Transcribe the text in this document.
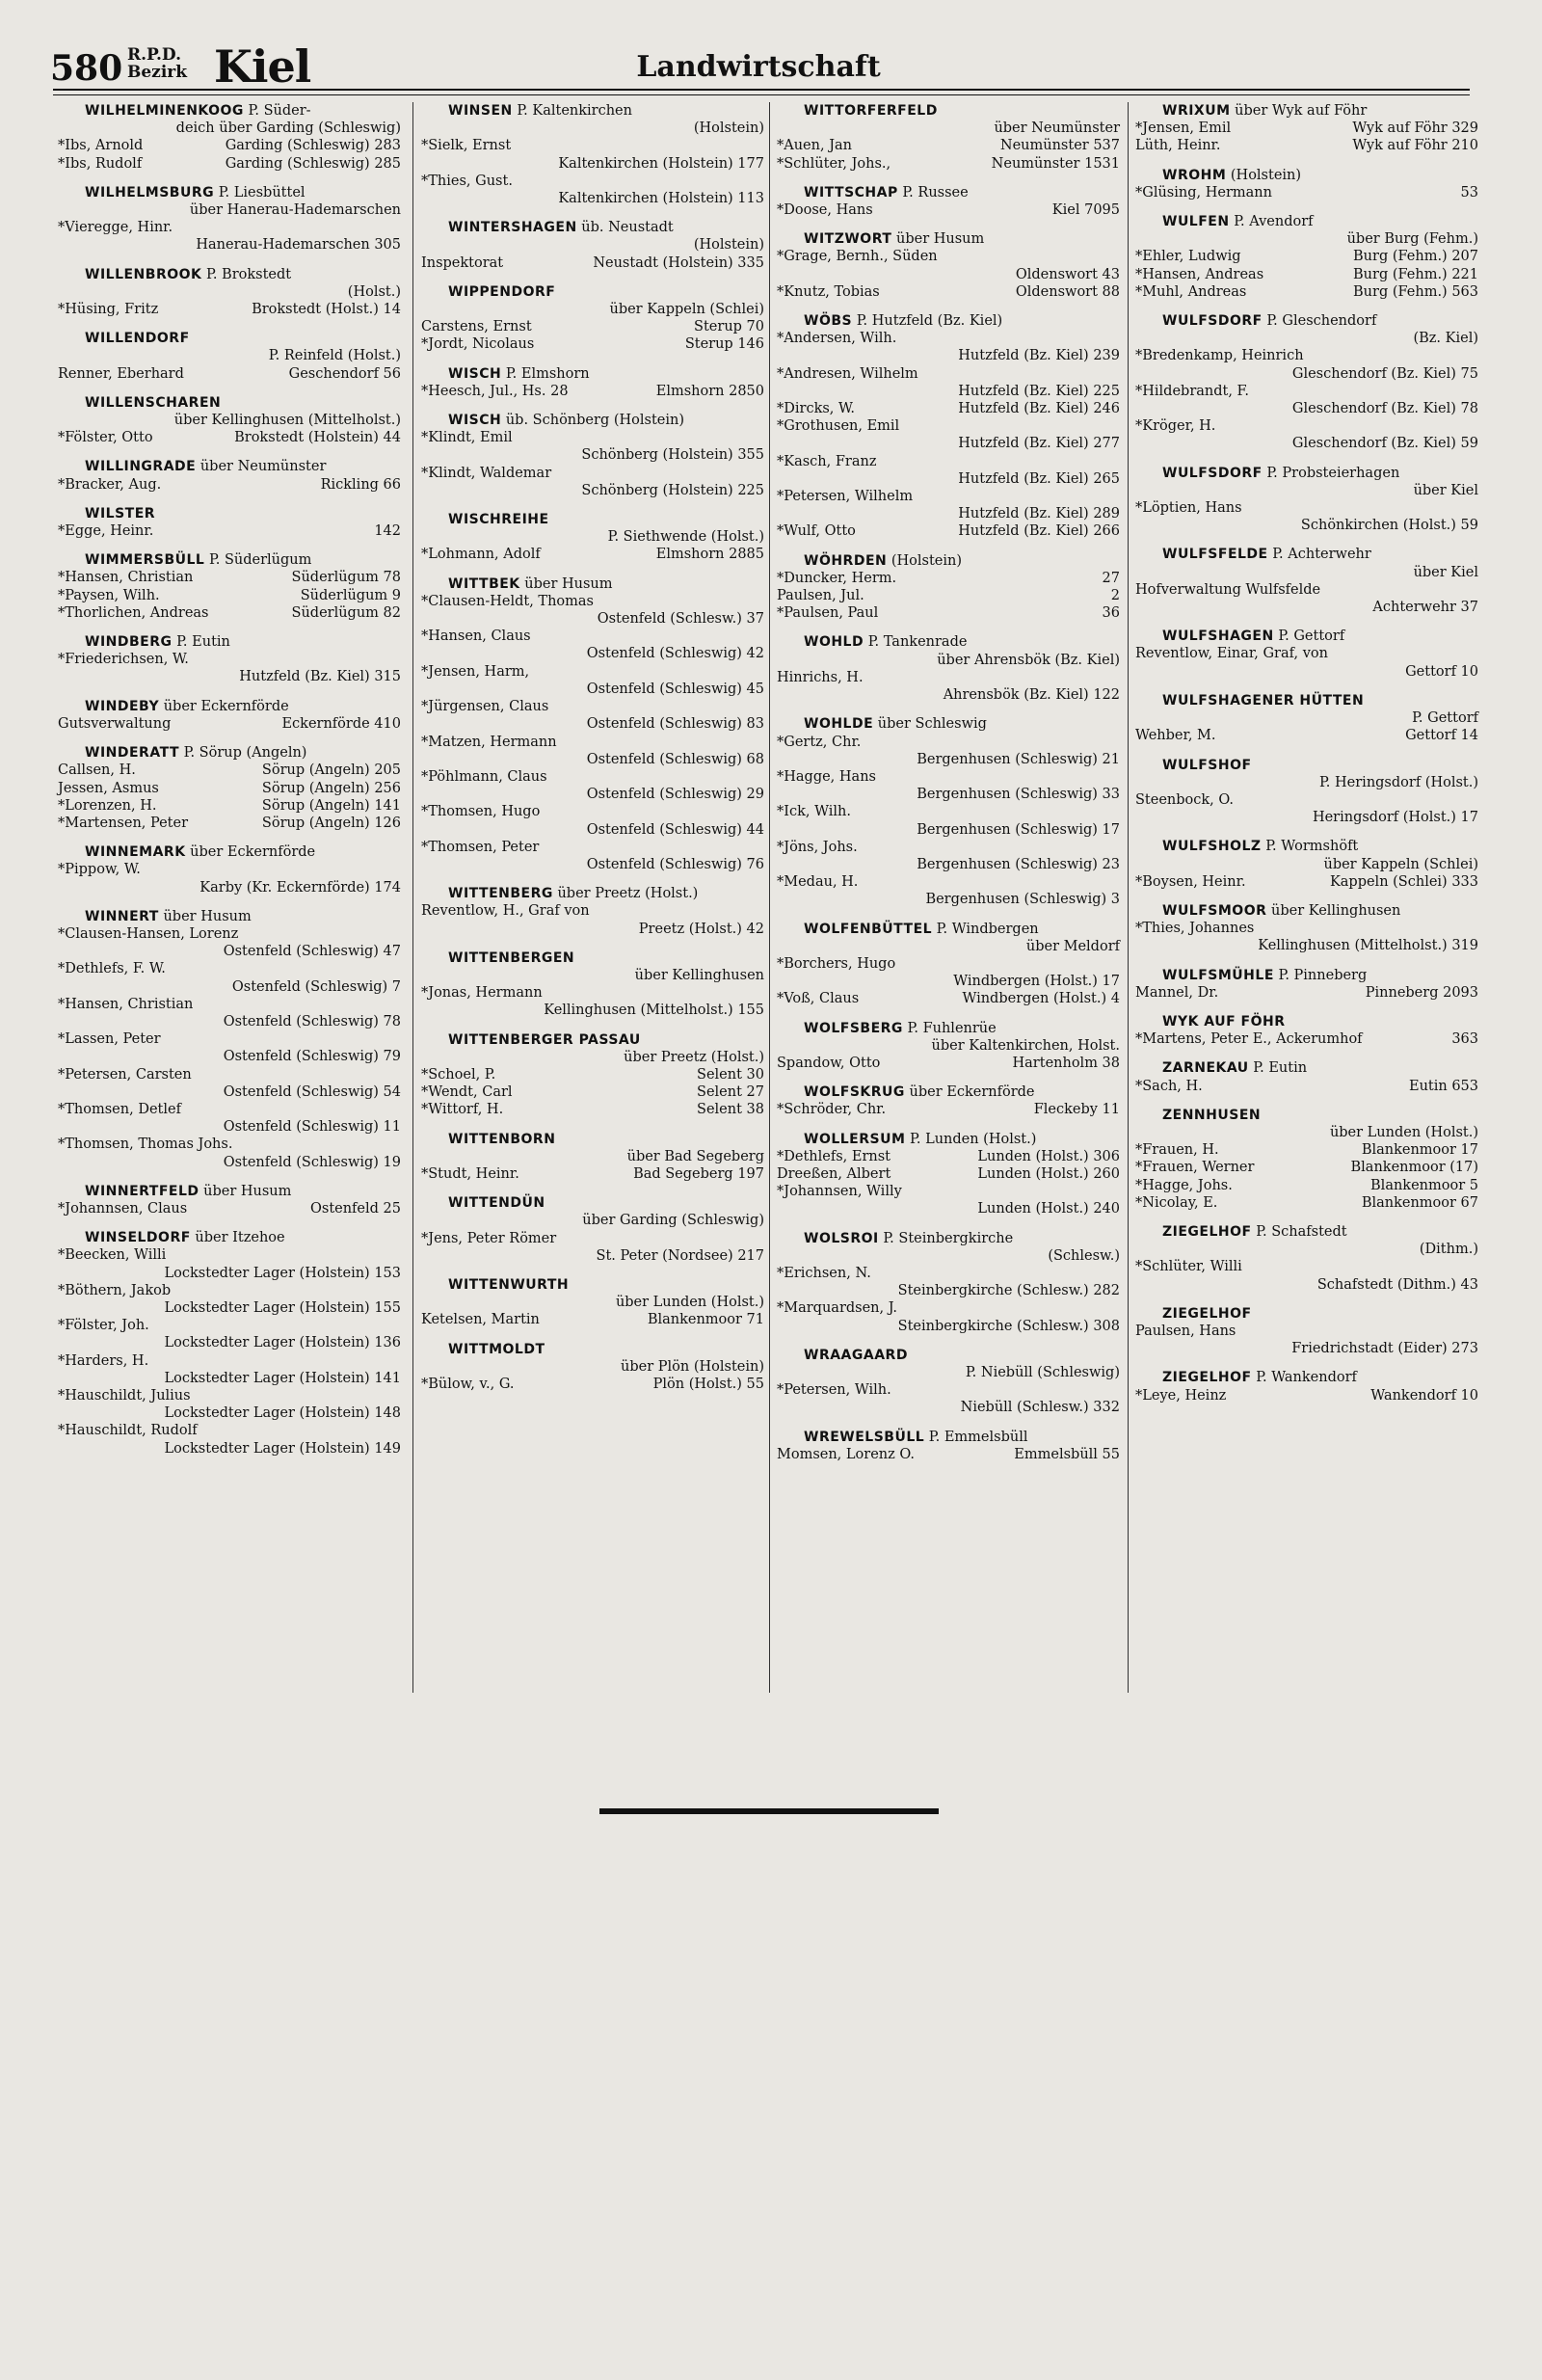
580 R.P.D.
Bezirk Kiel	Landwirtschaft
WILHELMINENKOOG P. Süder-
deich über Garding (Schleswig)
*Ibs, Arnold	Garding (Schleswig) 283
*Ibs, Rudolf	Garding (Schleswig) 285
WILHELMSBURG P. Liesbüttel
über Hanerau-Hademarschen
*Vieregge, Hinr.
Hanerau-Hademarschen 305
WILLENBROOK P. Brokstedt
(Holst.)
*Hüsing, Fritz	Brokstedt (Holst.) 14
WILLENDORF
P. Reinfeld (Holst.)
Renner, Eberhard	Geschendorf 56
WILLENSCHAREN
über Kellinghusen (Mittelholst.)
*Fölster, Otto	Brokstedt (Holstein) 44
WILLINGRADE über Neumünster
*Bracker, Aug.	Rickling 66
WILSTER
*Egge, Heinr.	142
WIMMERSBÜLL P. Süderlügum
*Hansen, Christian	Süderlügum 78
*Paysen, Wilh.	Süderlügum 9
*Thorlichen, Andreas	Süderlügum 82
WINDBERG P. Eutin
*Friederichsen, W.
Hutzfeld (Bz. Kiel) 315
WINDEBY über Eckernförde
Gutsverwaltung	Eckernförde 410
WINDERATT P. Sörup (Angeln)
Callsen, H.	Sörup (Angeln) 205
Jessen, Asmus	Sörup (Angeln) 256
*Lorenzen, H.	Sörup (Angeln) 141
*Martensen, Peter	Sörup (Angeln) 126
WINNEMARK über Eckernförde
*Pippow, W.
Karby (Kr. Eckernförde) 174
WINNERT über Husum
*Clausen-Hansen, Lorenz
Ostenfeld (Schleswig) 47
*Dethlefs, F. W.
Ostenfeld (Schleswig) 7
*Hansen, Christian
Ostenfeld (Schleswig) 78
*Lassen, Peter
Ostenfeld (Schleswig) 79
*Petersen, Carsten
Ostenfeld (Schleswig) 54
*Thomsen, Detlef
Ostenfeld (Schleswig) 11
*Thomsen, Thomas Johs.
Ostenfeld (Schleswig) 19
WINNERTFELD über Husum
*Johannsen, Claus	Ostenfeld 25
WINSELDORF über Itzehoe
*Beecken, Willi
Lockstedter Lager (Holstein) 153
*Böthern, Jakob
Lockstedter Lager (Holstein) 155
*Fölster, Joh.
Lockstedter Lager (Holstein) 136
*Harders, H.
Lockstedter Lager (Holstein) 141
*Hauschildt, Julius
Lockstedter Lager (Holstein) 148
*Hauschildt, Rudolf
Lockstedter Lager (Holstein) 149
WINSEN P. Kaltenkirchen
(Holstein)
*Sielk, Ernst
Kaltenkirchen (Holstein) 177
*Thies, Gust.
Kaltenkirchen (Holstein) 113
WINTERSHAGEN üb. Neustadt
(Holstein)
Inspektorat	Neustadt (Holstein) 335
WIPPENDORF
über Kappeln (Schlei)
Carstens, Ernst	Sterup 70
*Jordt, Nicolaus	Sterup 146
WISCH P. Elmshorn
*Heesch, Jul., Hs. 28	Elmshorn 2850
WISCH üb. Schönberg (Holstein)
*Klindt, Emil
Schönberg (Holstein) 355
*Klindt, Waldemar
Schönberg (Holstein) 225
WISCHREIHE
P. Siethwende (Holst.)
*Lohmann, Adolf	Elmshorn 2885
WITTBEK über Husum
*Clausen-Heldt, Thomas
Ostenfeld (Schlesw.) 37
*Hansen, Claus
Ostenfeld (Schleswig) 42
*Jensen, Harm,
Ostenfeld (Schleswig) 45
*Jürgensen, Claus
Ostenfeld (Schleswig) 83
*Matzen, Hermann
Ostenfeld (Schleswig) 68
*Pöhlmann, Claus
Ostenfeld (Schleswig) 29
*Thomsen, Hugo
Ostenfeld (Schleswig) 44
*Thomsen, Peter
Ostenfeld (Schleswig) 76
WITTENBERG über Preetz (Holst.)
Reventlow, H., Graf von
Preetz (Holst.) 42
WITTENBERGEN
über Kellinghusen
*Jonas, Hermann
Kellinghusen (Mittelholst.) 155
WITTENBERGER PASSAU
über Preetz (Holst.)
*Schoel, P.	Selent 30
*Wendt, Carl	Selent 27
*Wittorf, H.	Selent 38
WITTENBORN
über Bad Segeberg
*Studt, Heinr.	Bad Segeberg 197
WITTENDÜN
über Garding (Schleswig)
*Jens, Peter Römer
St. Peter (Nordsee) 217
WITTENWURTH
über Lunden (Holst.)
Ketelsen, Martin	Blankenmoor 71
WITTMOLDT
über Plön (Holstein)
*Bülow, v., G.	Plön (Holst.) 55
WITTORFERFELD
über Neumünster
*Auen, Jan	Neumünster 537
*Schlüter, Johs.,	Neumünster 1531
WITTSCHAP P. Russee
*Doose, Hans	Kiel 7095
WITZWORT über Husum
*Grage, Bernh., Süden
Oldenswort 43
*Knutz, Tobias	Oldenswort 88
WÖBS P. Hutzfeld (Bz. Kiel)
*Andersen, Wilh.
Hutzfeld (Bz. Kiel) 239
*Andresen, Wilhelm
Hutzfeld (Bz. Kiel) 225
*Dircks, W.	Hutzfeld (Bz. Kiel) 246
*Grothusen, Emil
Hutzfeld (Bz. Kiel) 277
*Kasch, Franz
Hutzfeld (Bz. Kiel) 265
*Petersen, Wilhelm
Hutzfeld (Bz. Kiel) 289
*Wulf, Otto	Hutzfeld (Bz. Kiel) 266
WÖHRDEN (Holstein)
*Duncker, Herm.	27
Paulsen, Jul.	2
*Paulsen, Paul	36
WOHLD P. Tankenrade
über Ahrensbök (Bz. Kiel)
Hinrichs, H.
Ahrensbök (Bz. Kiel) 122
WOHLDE über Schleswig
*Gertz, Chr.
Bergenhusen (Schleswig) 21
*Hagge, Hans
Bergenhusen (Schleswig) 33
*Ick, Wilh.
Bergenhusen (Schleswig) 17
*Jöns, Johs.
Bergenhusen (Schleswig) 23
*Medau, H.
Bergenhusen (Schleswig) 3
WOLFENBÜTTEL P. Windbergen
über Meldorf
*Borchers, Hugo
Windbergen (Holst.) 17
*Voß, Claus	Windbergen (Holst.) 4
WOLFSBERG P. Fuhlenrüe
über Kaltenkirchen, Holst.
Spandow, Otto	Hartenholm 38
WOLFSKRUG über Eckernförde
*Schröder, Chr.	Fleckeby 11
WOLLERSUM P. Lunden (Holst.)
*Dethlefs, Ernst	Lunden (Holst.) 306
Dreeßen, Albert	Lunden (Holst.) 260
*Johannsen, Willy
Lunden (Holst.) 240
WOLSROI P. Steinbergkirche
(Schlesw.)
*Erichsen, N.
Steinbergkirche (Schlesw.) 282
*Marquardsen, J.
Steinbergkirche (Schlesw.) 308
WRAAGAARD
P. Niebüll (Schleswig)
*Petersen, Wilh.
Niebüll (Schlesw.) 332
WREWELSBÜLL P. Emmelsbüll
Momsen, Lorenz O.	Emmelsbüll 55
WRIXUM über Wyk auf Föhr
*Jensen, Emil	Wyk auf Föhr 329
Lüth, Heinr.	Wyk auf Föhr 210
WROHM (Holstein)
*Glüsing, Hermann	53
WULFEN P. Avendorf
über Burg (Fehm.)
*Ehler, Ludwig	Burg (Fehm.) 207
*Hansen, Andreas	Burg (Fehm.) 221
*Muhl, Andreas	Burg (Fehm.) 563
WULFSDORF P. Gleschendorf
(Bz. Kiel)
*Bredenkamp, Heinrich
Gleschendorf (Bz. Kiel) 75
*Hildebrandt, F.
Gleschendorf (Bz. Kiel) 78
*Kröger, H.
Gleschendorf (Bz. Kiel) 59
WULFSDORF P. Probsteierhagen
über Kiel
*Löptien, Hans
Schönkirchen (Holst.) 59
WULFSFELDE P. Achterwehr
über Kiel
Hofverwaltung Wulfsfelde
Achterwehr 37
WULFSHAGEN P. Gettorf
Reventlow, Einar, Graf, von
Gettorf 10
WULFSHAGENER HÜTTEN
P. Gettorf
Wehber, M.	Gettorf 14
WULFSHOF
P. Heringsdorf (Holst.)
Steenbock, O.
Heringsdorf (Holst.) 17
WULFSHOLZ P. Wormshöft
über Kappeln (Schlei)
*Boysen, Heinr.	Kappeln (Schlei) 333
WULFSMOOR über Kellinghusen
*Thies, Johannes
Kellinghusen (Mittelholst.) 319
WULFSMÜHLE P. Pinneberg
Mannel, Dr.	Pinneberg 2093
WYK AUF FÖHR
*Martens, Peter E., Ackerumhof	363
ZARNEKAU P. Eutin
*Sach, H.	Eutin 653
ZENNHUSEN
über Lunden (Holst.)
*Frauen, H.	Blankenmoor 17
*Frauen, Werner	Blankenmoor (17)
*Hagge, Johs.	Blankenmoor 5
*Nicolay, E.	Blankenmoor 67
ZIEGELHOF P. Schafstedt
(Dithm.)
*Schlüter, Willi
Schafstedt (Dithm.) 43
ZIEGELHOF
Paulsen, Hans
Friedrichstadt (Eider) 273
ZIEGELHOF P. Wankendorf
*Leye, Heinz	Wankendorf 10
